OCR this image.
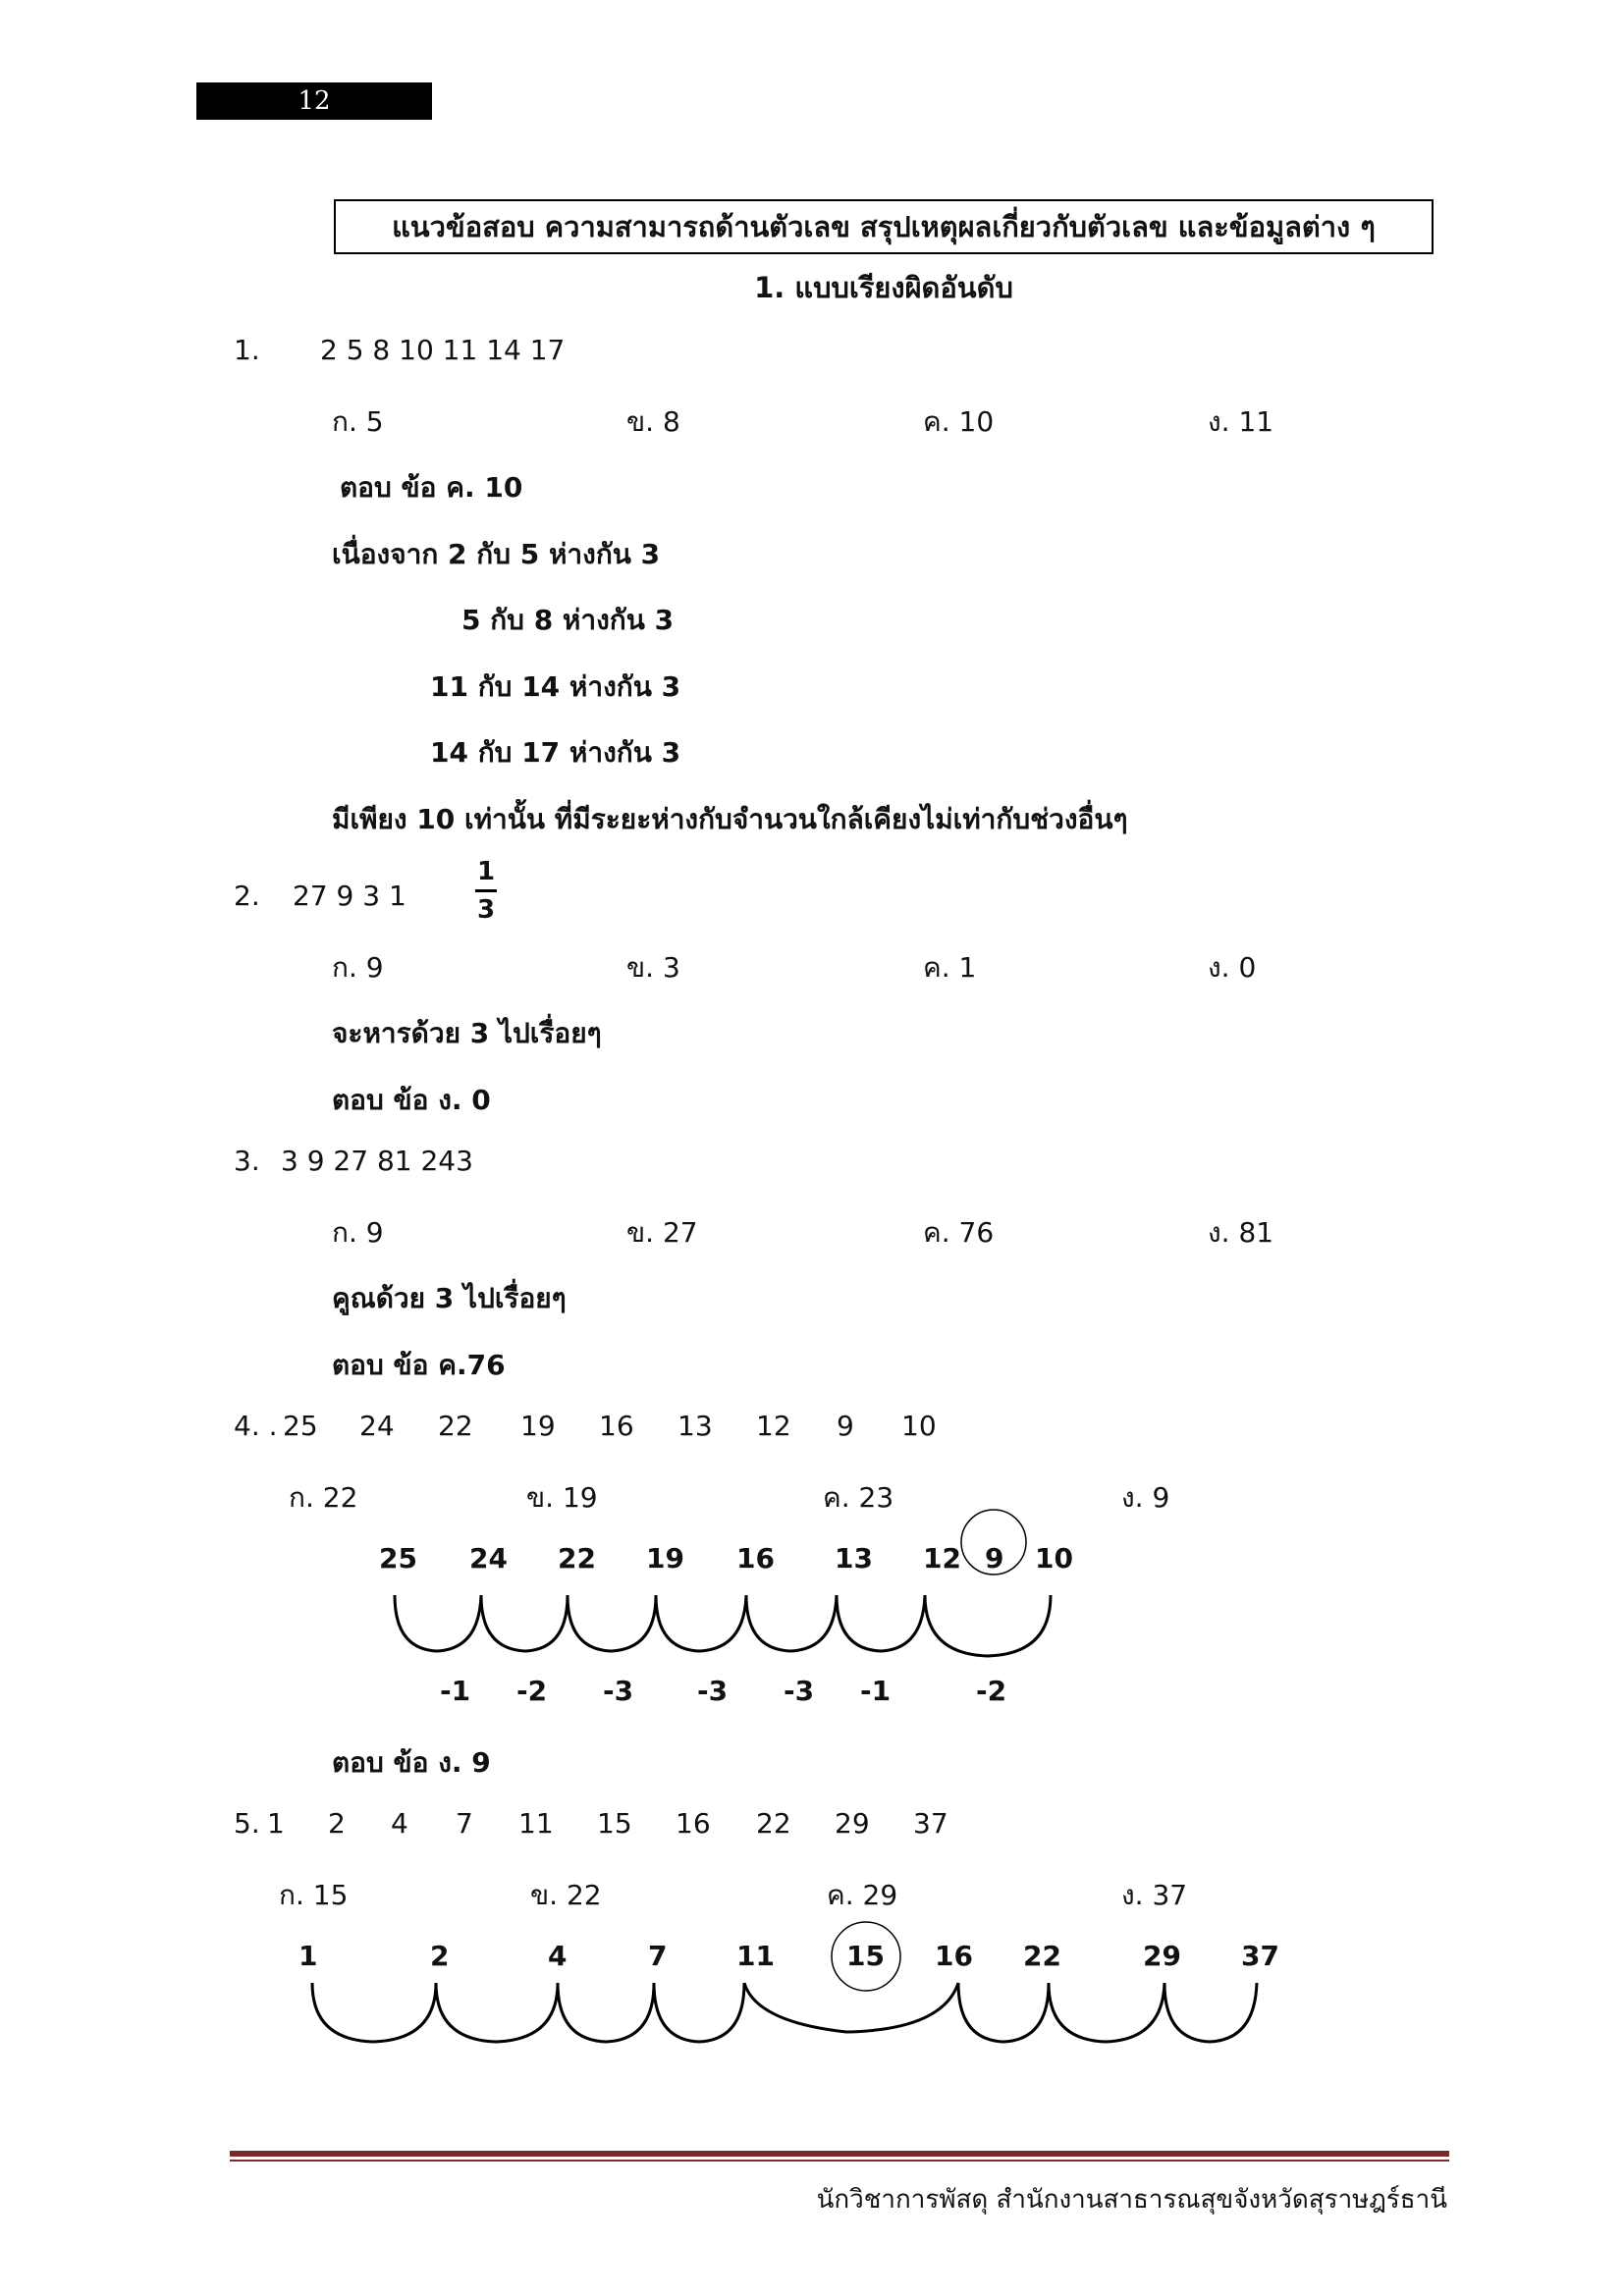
12
แนวข้อสอบ ความสามารถด้านตัวเลข สรุปเหตุผลเกี่ยวกับตัวเลข และข้อมูลต่าง ๆ
1. แบบเรียงผิดอันดับ
1. 2 5 8 10 11 14 17
ก. 5	ข. 8	ค. 10	ง. 11
ตอบ ข้อ ค. 10
เนื่องจาก 2 กับ 5 ห่างกัน 3
5 กับ 8 ห่างกัน 3
11 กับ 14 ห่างกัน 3
14 กับ 17 ห่างกัน 3
มีเพียง 10 เท่านั้น ที่มีระยะห่างกับจำนวนใกล้เคียงไม่เท่ากับช่วงอื่นๆ
2. 27 9 3 1
1
3
ก. 9	ข. 3	ค. 1	ง. 0
จะหารด้วย 3 ไปเรื่อยๆ
ตอบ ข้อ ง. 0
3. 3 9 27 81 243
ก. 9	ข. 27	ค. 76	ง. 81
คูณด้วย 3 ไปเรื่อยๆ
ตอบ ข้อ ค.76
4. . 25 24 22 19 16 13 12 9 10
ก. 22	ข. 19	ค. 23	ง. 9
25 24 22 19 16 13 12 9 10
-1 -2 -3 -3 -3 -1	-2
ตอบ ข้อ ง. 9
5. 1 2 4 7 11 15 16 22 29 37
ก. 15	ข. 22	ค. 29	ง. 37
1	2	4	7	11	15 16 22	29 37
นักวิชาการพัสดุ สำนักงานสาธารณสุขจังหวัดสุราษฎร์ธานี
